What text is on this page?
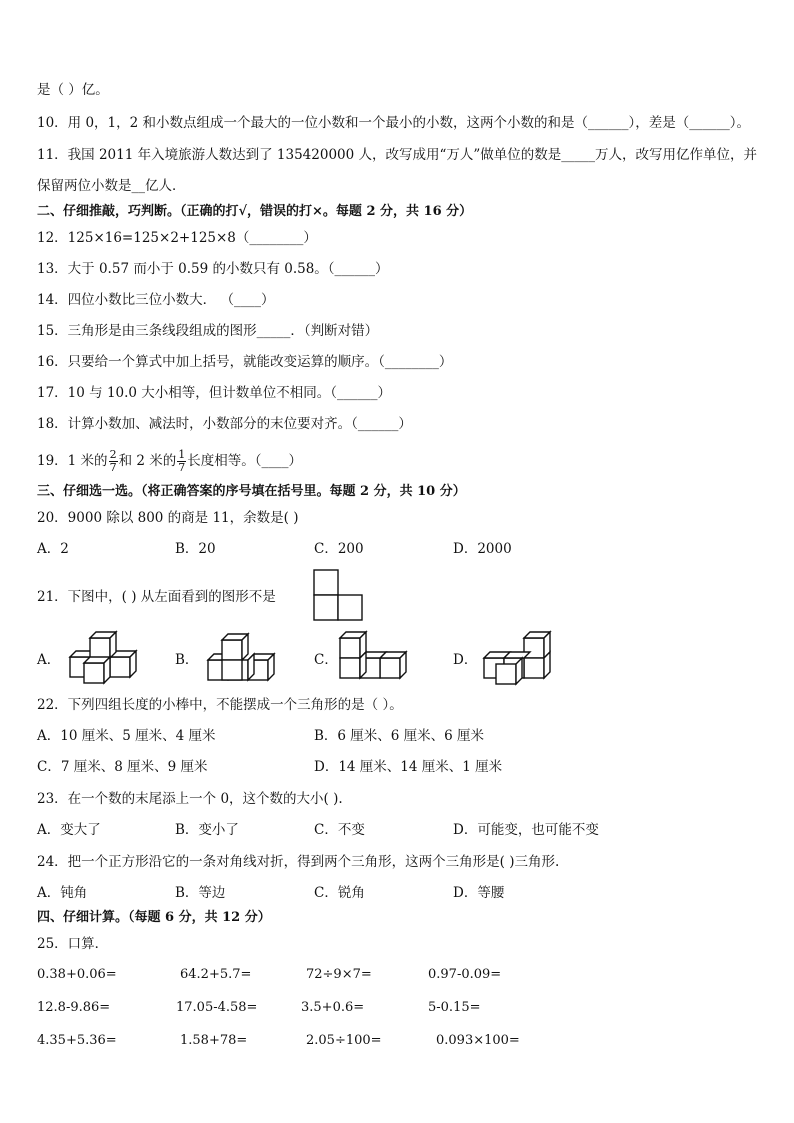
是（ ）亿。
10．用 0，1，2 和小数点组成一个最大的一位小数和一个最小的小数，这两个小数的和是（______），差是（______）。
11．我国 2011 年入境旅游人数达到了 135420000 人，改写成用“万人”做单位的数是_____万人，改写用亿作单位，并
保留两位小数是__亿人．
二、仔细推敲，巧判断。（正确的打√，错误的打×。每题 2 分，共 16 分）
12．125×16=125×2+125×8（________）
13．大于 0.57 而小于 0.59 的小数只有 0.58。（______）
14．四位小数比三位小数大． （____）
15．三角形是由三条线段组成的图形_____．（判断对错）
16．只要给一个算式中加上括号，就能改变运算的顺序。（________）
17．10 与 10.0 大小相等，但计数单位不相同。（______）
18．计算小数加、减法时，小数部分的末位要对齐。（______）
19．1 米的 $\frac{2}{7}$ 和 2 米的 $\frac{1}{7}$ 长度相等。（____）
三、仔细选一选。（将正确答案的序号填在括号里。每题 2 分，共 10 分）
20．9000 除以 800 的商是 11，余数是( )
A．2	B．20	C．200	D．2000
21．下图中，( ) 从左面看到的图形不是
A．	B．	C．	D．
22．下列四组长度的小棒中，不能摆成一个三角形的是（ ）。
A．10 厘米、5 厘米、4 厘米	B．6 厘米、6 厘米、6 厘米
C．7 厘米、8 厘米、9 厘米	D．14 厘米、14 厘米、1 厘米
23．在一个数的末尾添上一个 0，这个数的大小( ).
A．变大了	B．变小了	C．不变	D．可能变，也可能不变
24．把一个正方形沿它的一条对角线对折，得到两个三角形，这两个三角形是( )三角形.
A．钝角	B．等边	C．锐角	D．等腰
四、仔细计算。（每题 6 分，共 12 分）
25．口算．
0.38+0.06=	64.2+5.7=	72÷9×7=	0.97-0.09=
12.8-9.86=	17.05-4.58=	3.5+0.6=	5-0.15=
4.35+5.36=	1.58+78=	2.05÷100=	0.093×100=
